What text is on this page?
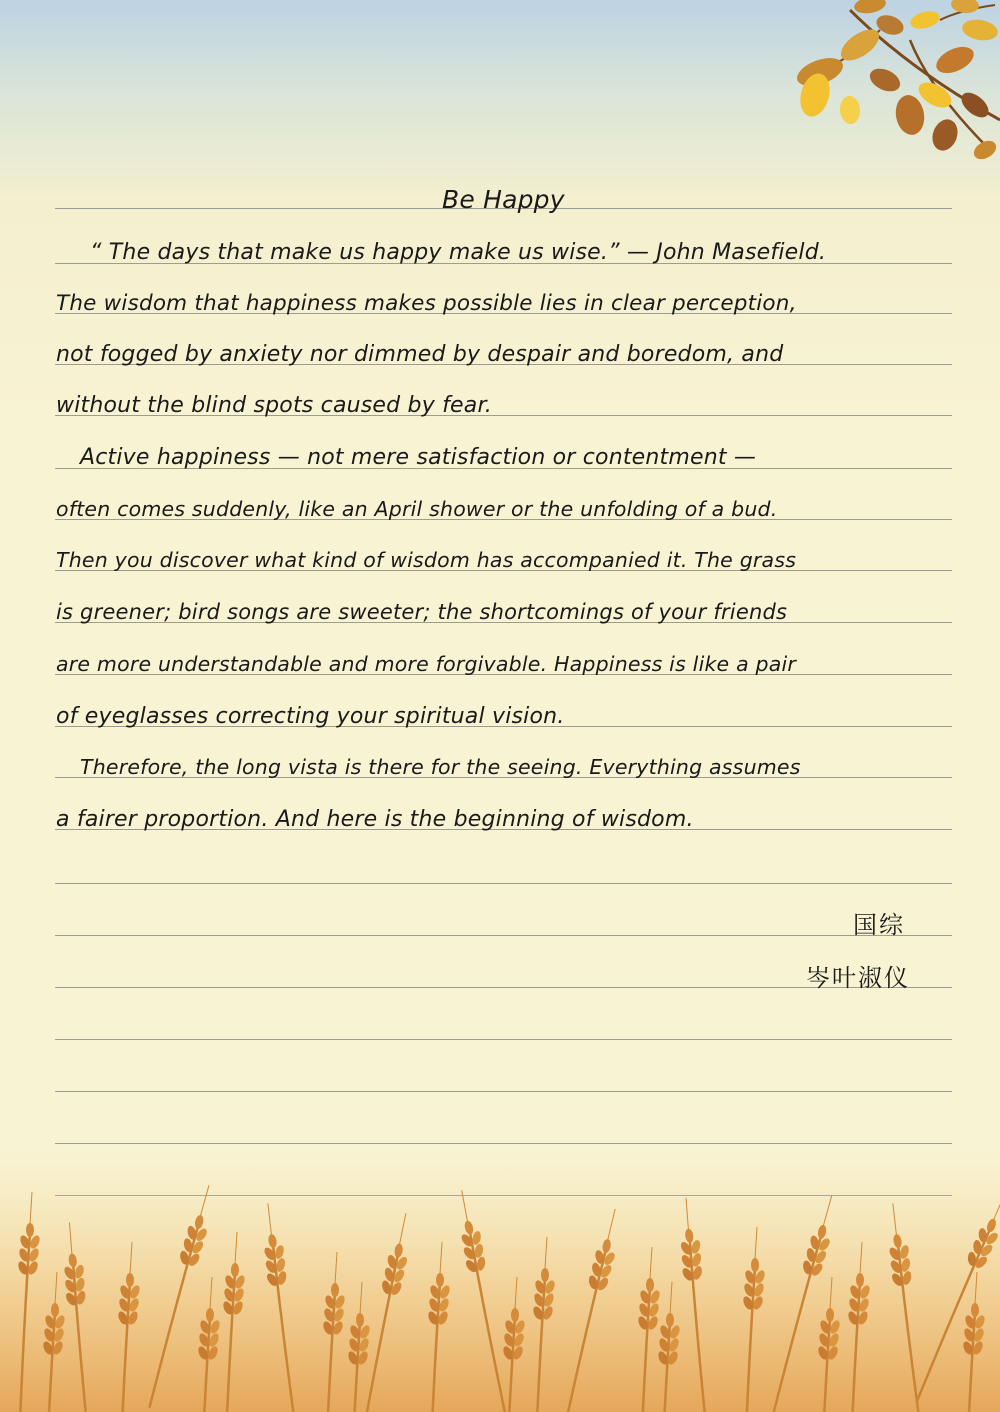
Be Happy
“ The days that make us happy make us wise.” — John Masefield.
The wisdom that happiness makes possible lies in clear perception,
not fogged by anxiety nor dimmed by despair and boredom, and
without the blind spots caused by fear.
Active happiness — not mere satisfaction or contentment —
often comes suddenly, like an April shower or the unfolding of a bud.
Then you discover what kind of wisdom has accompanied it. The grass
is greener; bird songs are sweeter; the shortcomings of your friends
are more understandable and more forgivable. Happiness is like a pair
of eyeglasses correcting your spiritual vision.
Therefore, the long vista is there for the seeing. Everything assumes
a fairer proportion. And here is the beginning of wisdom.
国综
岑叶淑仪
